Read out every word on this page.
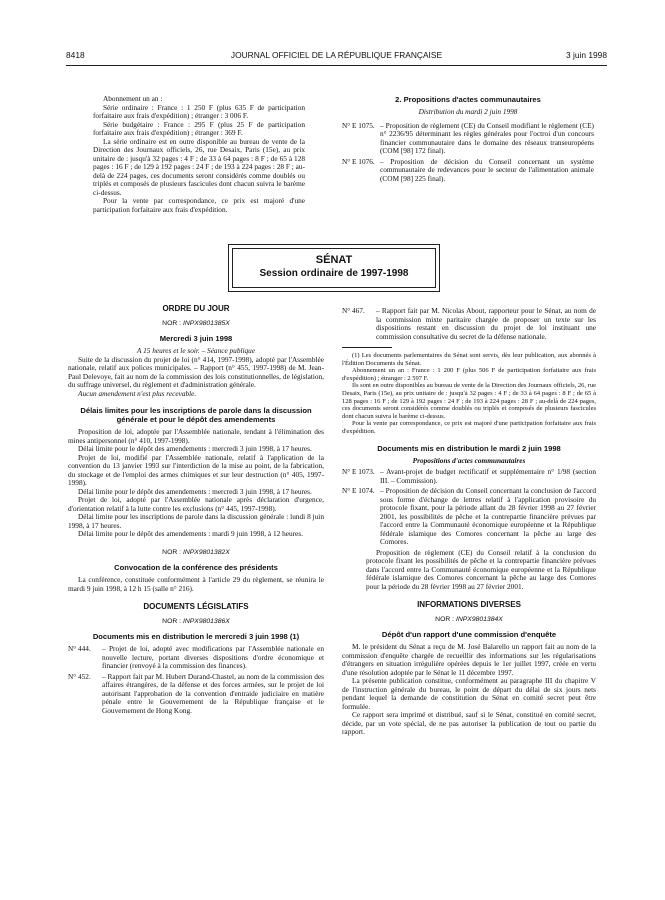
8418	JOURNAL OFFICIEL DE LA RÉPUBLIQUE FRANÇAISE	3 juin 1998

Abonnement un an :

Série ordinaire : France : 1 250 F (plus 635 F de participation forfaitaire aux frais d'expédition) ; étranger : 3 006 F.

Série budgétaire : France : 295 F (plus 25 F de participation forfaitaire aux frais d'expédition) ; étranger : 369 F.

La série ordinaire est en outre disponible au bureau de vente de la Direction des Journaux officiels, 26, rue Desaix, Paris (15e), au prix unitaire de : jusqu'à 32 pages : 4 F ; de 33 à 64 pages : 8 F ; de 65 à 128 pages : 16 F ; de 129 à 192 pages : 24 F ; de 193 à 224 pages : 28 F ; au-delà de 224 pages, ces documents seront considérés comme doublés ou triplés et composés de plusieurs fascicules dont chacun suivra le barème ci-dessus.

Pour la vente par correspondance, ce prix est majoré d'une participation forfaitaire aux frais d'expédition.

2. Propositions d'actes communautaires
Distribution du mardi 2 juin 1998
N° E 1075. – Proposition de règlement (CE) du Conseil modifiant le règlement (CE) n° 2236/95 déterminant les règles générales pour l'octroi d'un concours financier communautaire dans le domaine des réseaux transeuropéens (COM [98] 172 final).
N° E 1076. – Proposition de décision du Conseil concernant un système communautaire de redevances pour le secteur de l'alimentation animale (COM [98] 225 final).
SÉNAT
Session ordinaire de 1997-1998
ORDRE DU JOUR
NOR : INPX9801385X
Mercredi 3 juin 1998

A 15 heures et le soir. – Séance publique

Suite de la discussion du projet de loi (n° 414, 1997-1998), adopté par l'Assemblée nationale, relatif aux polices municipales. – Rapport (n° 455, 1997-1998) de M. Jean-Paul Delevoye, fait au nom de la commission des lois constitutionnelles, de législation, du suffrage universel, du règlement et d'administration générale.

Aucun amendement n'est plus recevable.

Délais limites pour les inscriptions de parole dans la discussion générale et pour le dépôt des amendements

Proposition de loi, adoptée par l'Assemblée nationale, tendant à l'élimination des mines antipersonnel (n° 410, 1997-1998).

Délai limite pour le dépôt des amendements : mercredi 3 juin 1998, à 17 heures.

Projet de loi, modifié par l'Assemblée nationale, relatif à l'application de la convention du 13 janvier 1993 sur l'interdiction de la mise au point, de la fabrication, du stockage et de l'emploi des armes chimiques et sur leur destruction (n° 405, 1997-1998).

Délai limite pour le dépôt des amendements : mercredi 3 juin 1998, à 17 heures.

Projet de loi, adopté par l'Assemblée nationale après déclaration d'urgence, d'orientation relatif à la lutte contre les exclusions (n° 445, 1997-1998).

Délai limite pour les inscriptions de parole dans la discussion générale : lundi 8 juin 1998, à 17 heures.

Délai limite pour le dépôt des amendements : mardi 9 juin 1998, à 12 heures.

NOR : INPX9801382X
Convocation de la conférence des présidents

La conférence, constituée conformément à l'article 29 du règlement, se réunira le mardi 9 juin 1998, à 12 h 15 (salle n° 216).

DOCUMENTS LÉGISLATIFS
NOR : INPX9801386X
Documents mis en distribution le mercredi 3 juin 1998 (1)
N° 444.	– Projet de loi, adopté avec modifications par l'Assemblée nationale en nouvelle lecture, portant diverses dispositions d'ordre économique et financier (renvoyé à la commission des finances).
N° 452.	– Rapport fait par M. Hubert Durand-Chastel, au nom de la commission des affaires étrangères, de la défense et des forces armées, sur le projet de loi autorisant l'approbation de la convention d'entraide judiciaire en matière pénale entre le Gouvernement de la République française et le Gouvernement de Hong Kong.
N° 467.	– Rapport fait par M. Nicolas About, rapporteur pour le Sénat, au nom de la commission mixte paritaire chargée de proposer un texte sur les dispositions restant en discussion du projet de loi instituant une commission consultative du secret de la défense nationale.

(1) Les documents parlementaires du Sénat sont servis, dès leur publication, aux abonnés à l'Édition Documents du Sénat.

Abonnement un an : France : 1 200 F (plus 506 F de participation forfaitaire aux frais d'expédition) ; étranger : 2 597 F.

Ils sont en outre disponibles au bureau de vente de la Direction des Journaux officiels, 26, rue Desaix, Paris (15e), au prix unitaire de : jusqu'à 32 pages : 4 F ; de 33 à 64 pages : 8 F ; de 65 à 128 pages : 16 F ; de 129 à 192 pages : 24 F ; de 193 à 224 pages : 28 F ; au-delà de 224 pages, ces documents seront considérés comme doublés ou triplés et composés de plusieurs fascicules dont chacun suivra le barème ci-dessus.

Pour la vente par correspondance, ce prix est majoré d'une participation forfaitaire aux frais d'expédition.

Documents mis en distribution le mardi 2 juin 1998
Propositions d'actes communautaires
N° E 1073. – Avant-projet de budget rectificatif et supplémentaire n° 1/98 (section III. – Commission).
N° E 1074. – Proposition de décision du Conseil concernant la conclusion de l'accord sous forme d'échange de lettres relatif à l'application provisoire du protocole fixant, pour la période allant du 28 février 1998 au 27 février 2001, les possibilités de pêche et la contrepartie financière prévues par l'accord entre la Communauté économique européenne et la République fédérale islamique des Comores concernant la pêche au large des Comores.

Proposition de règlement (CE) du Conseil relatif à la conclusion du protocole fixant les possibilités de pêche et la contrepartie financière prévues dans l'accord entre la Communauté économique européenne et la République fédérale islamique des Comores concernant la pêche au large des Comores pour la période du 28 février 1998 au 27 février 2001.

INFORMATIONS DIVERSES
NOR : INPX9801384X
Dépôt d'un rapport d'une commission d'enquête

M. le président du Sénat a reçu de M. José Balarello un rapport fait au nom de la commission d'enquête chargée de recueillir des informations sur les régularisations d'étrangers en situation irrégulière opérées depuis le 1er juillet 1997, créée en vertu d'une résolution adoptée par le Sénat le 11 décembre 1997.

La présente publication constitue, conformément au paragraphe III du chapitre V de l'instruction générale du bureau, le point de départ du délai de six jours nets pendant lequel la demande de constitution du Sénat en comité secret peut être formulée.

Ce rapport sera imprimé et distribué, sauf si le Sénat, constitué en comité secret, décide, par un vote spécial, de ne pas autoriser la publication de tout ou partie du rapport.
